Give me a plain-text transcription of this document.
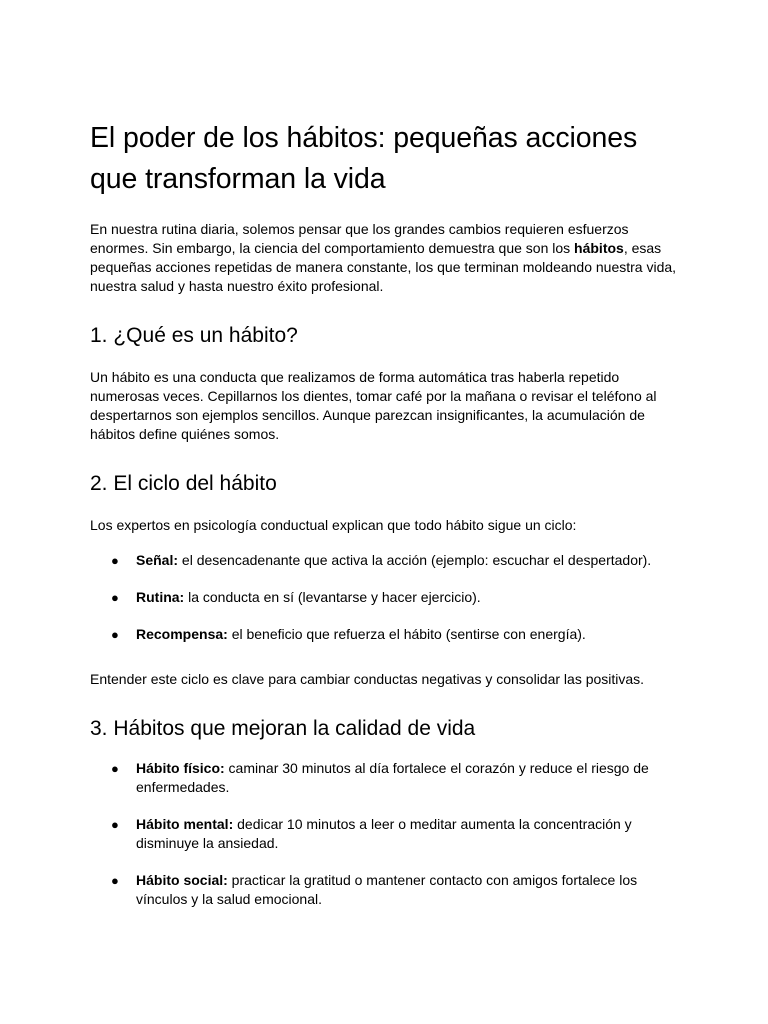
El poder de los hábitos: pequeñas acciones que transforman la vida

En nuestra rutina diaria, solemos pensar que los grandes cambios requieren esfuerzos enormes. Sin embargo, la ciencia del comportamiento demuestra que son los hábitos, esas pequeñas acciones repetidas de manera constante, los que terminan moldeando nuestra vida, nuestra salud y hasta nuestro éxito profesional.

1. ¿Qué es un hábito?

Un hábito es una conducta que realizamos de forma automática tras haberla repetido numerosas veces. Cepillarnos los dientes, tomar café por la mañana o revisar el teléfono al despertarnos son ejemplos sencillos. Aunque parezcan insignificantes, la acumulación de hábitos define quiénes somos.

2. El ciclo del hábito

Los expertos en psicología conductual explican que todo hábito sigue un ciclo:

● Señal: el desencadenante que activa la acción (ejemplo: escuchar el despertador).
● Rutina: la conducta en sí (levantarse y hacer ejercicio).
● Recompensa: el beneficio que refuerza el hábito (sentirse con energía).

Entender este ciclo es clave para cambiar conductas negativas y consolidar las positivas.

3. Hábitos que mejoran la calidad de vida
● Hábito físico: caminar 30 minutos al día fortalece el corazón y reduce el riesgo de enfermedades.
● Hábito mental: dedicar 10 minutos a leer o meditar aumenta la concentración y disminuye la ansiedad.
● Hábito social: practicar la gratitud o mantener contacto con amigos fortalece los vínculos y la salud emocional.
